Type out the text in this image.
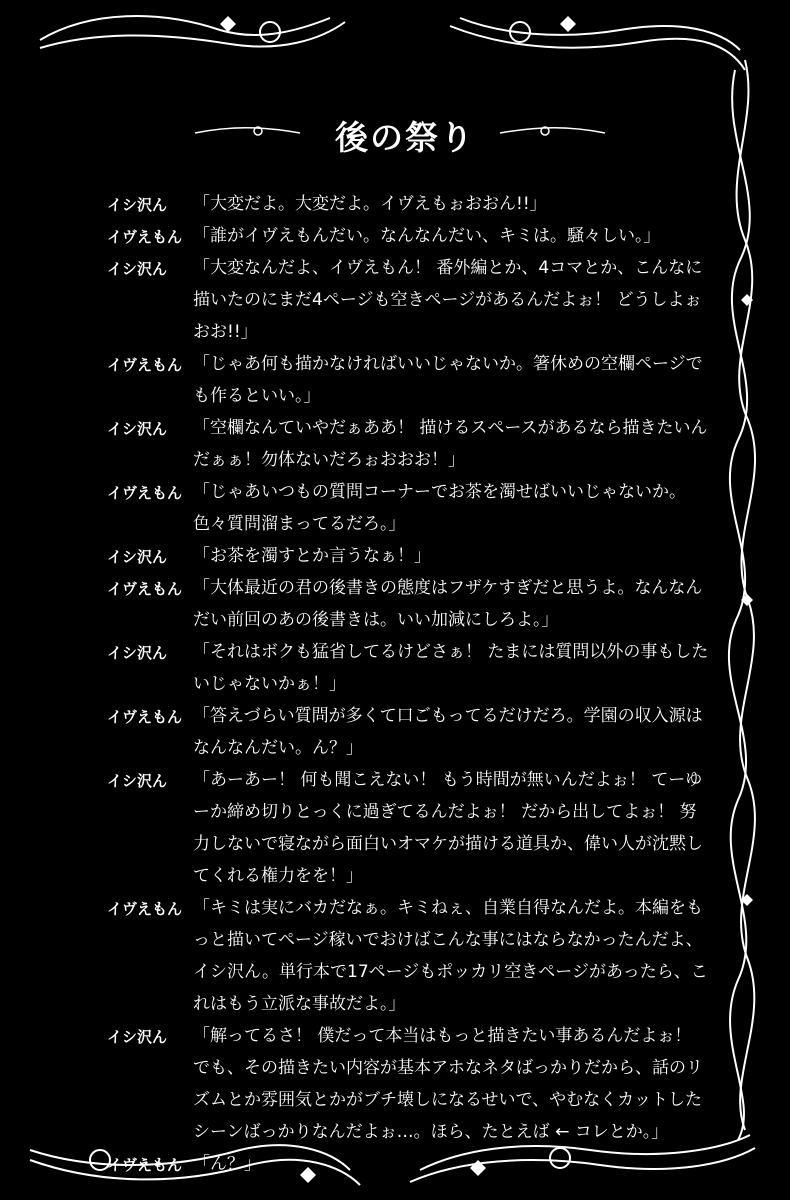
後の祭り
イシ沢ん	「大変だよ。大変だよ。イヴえもぉおおん!!」
イヴえもん 「誰がイヴえもんだい。なんなんだい、キミは。騒々しい。」
イシ沢ん	「大変なんだよ、イヴえもん！ 番外編とか、4コマとか、こんなに描いたのにまだ4ページも空きページがあるんだよぉ！ どうしよぉおお!!」
イヴえもん 「じゃあ何も描かなければいいじゃないか。箸休めの空欄ページでも作るといい。」
イシ沢ん	「空欄なんていやだぁああ！ 描けるスペースがあるなら描きたいんだぁぁ！勿体ないだろぉおおお！」
イヴえもん 「じゃあいつもの質問コーナーでお茶を濁せばいいじゃないか。色々質問溜まってるだろ。」
イシ沢ん	「お茶を濁すとか言うなぁ！」
イヴえもん 「大体最近の君の後書きの態度はフザケすぎだと思うよ。なんなんだい前回のあの後書きは。いい加減にしろよ。」
イシ沢ん	「それはボクも猛省してるけどさぁ！ たまには質問以外の事もしたいじゃないかぁ！」
イヴえもん 「答えづらい質問が多くて口ごもってるだけだろ。学園の収入源はなんなんだい。ん？」
イシ沢ん	「あーあー！ 何も聞こえない！ もう時間が無いんだよぉ！ てーゆーか締め切りとっくに過ぎてるんだよぉ！ だから出してよぉ！ 努力しないで寝ながら面白いオマケが描ける道具か、偉い人が沈黙してくれる権力をを！」
イヴえもん 「キミは実にバカだなぁ。キミねぇ、自業自得なんだよ。本編をもっと描いてページ稼いでおけばこんな事にはならなかったんだよ、イシ沢ん。単行本で17ページもポッカリ空きページがあったら、これはもう立派な事故だよ。」
イシ沢ん	「解ってるさ！ 僕だって本当はもっと描きたい事あるんだよぉ！ でも、その描きたい内容が基本アホなネタばっかりだから、話のリズムとか雰囲気とかがブチ壊しになるせいで、やむなくカットしたシーンばっかりなんだよぉ…。ほら、たとえば ← コレとか。」
イヴえもん 「ん？」
